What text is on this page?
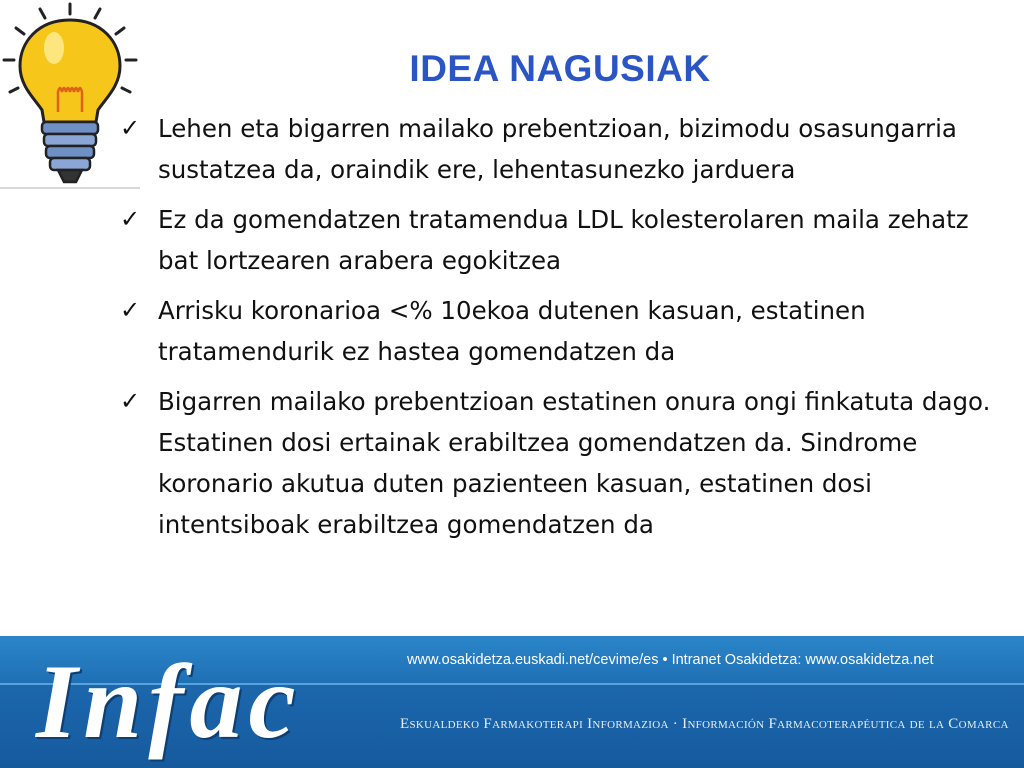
IDEA NAGUSIAK
✓ Lehen eta bigarren mailako prebentzioan, bizimodu osasungarria sustatzea da, oraindik ere, lehentasunezko jarduera
✓ Ez da gomendatzen tratamendua LDL kolesterolaren maila zehatz bat lortzearen arabera egokitzea
✓ Arrisku koronarioa <% 10ekoa dutenen kasuan, estatinen tratamendurik ez hastea gomendatzen da
✓ Bigarren mailako prebentzioan estatinen onura ongi finkatuta dago. Estatinen dosi ertainak erabiltzea gomendatzen da. Sindrome koronario akutua duten pazienteen kasuan, estatinen dosi intentsiboak erabiltzea gomendatzen da
Infac	www.osakidetza.euskadi.net/cevime/es • Intranet Osakidetza: www.osakidetza.net
Eskualdeko Farmakoterapi Informazioa · Información Farmacoterapéutica de la Comarca
